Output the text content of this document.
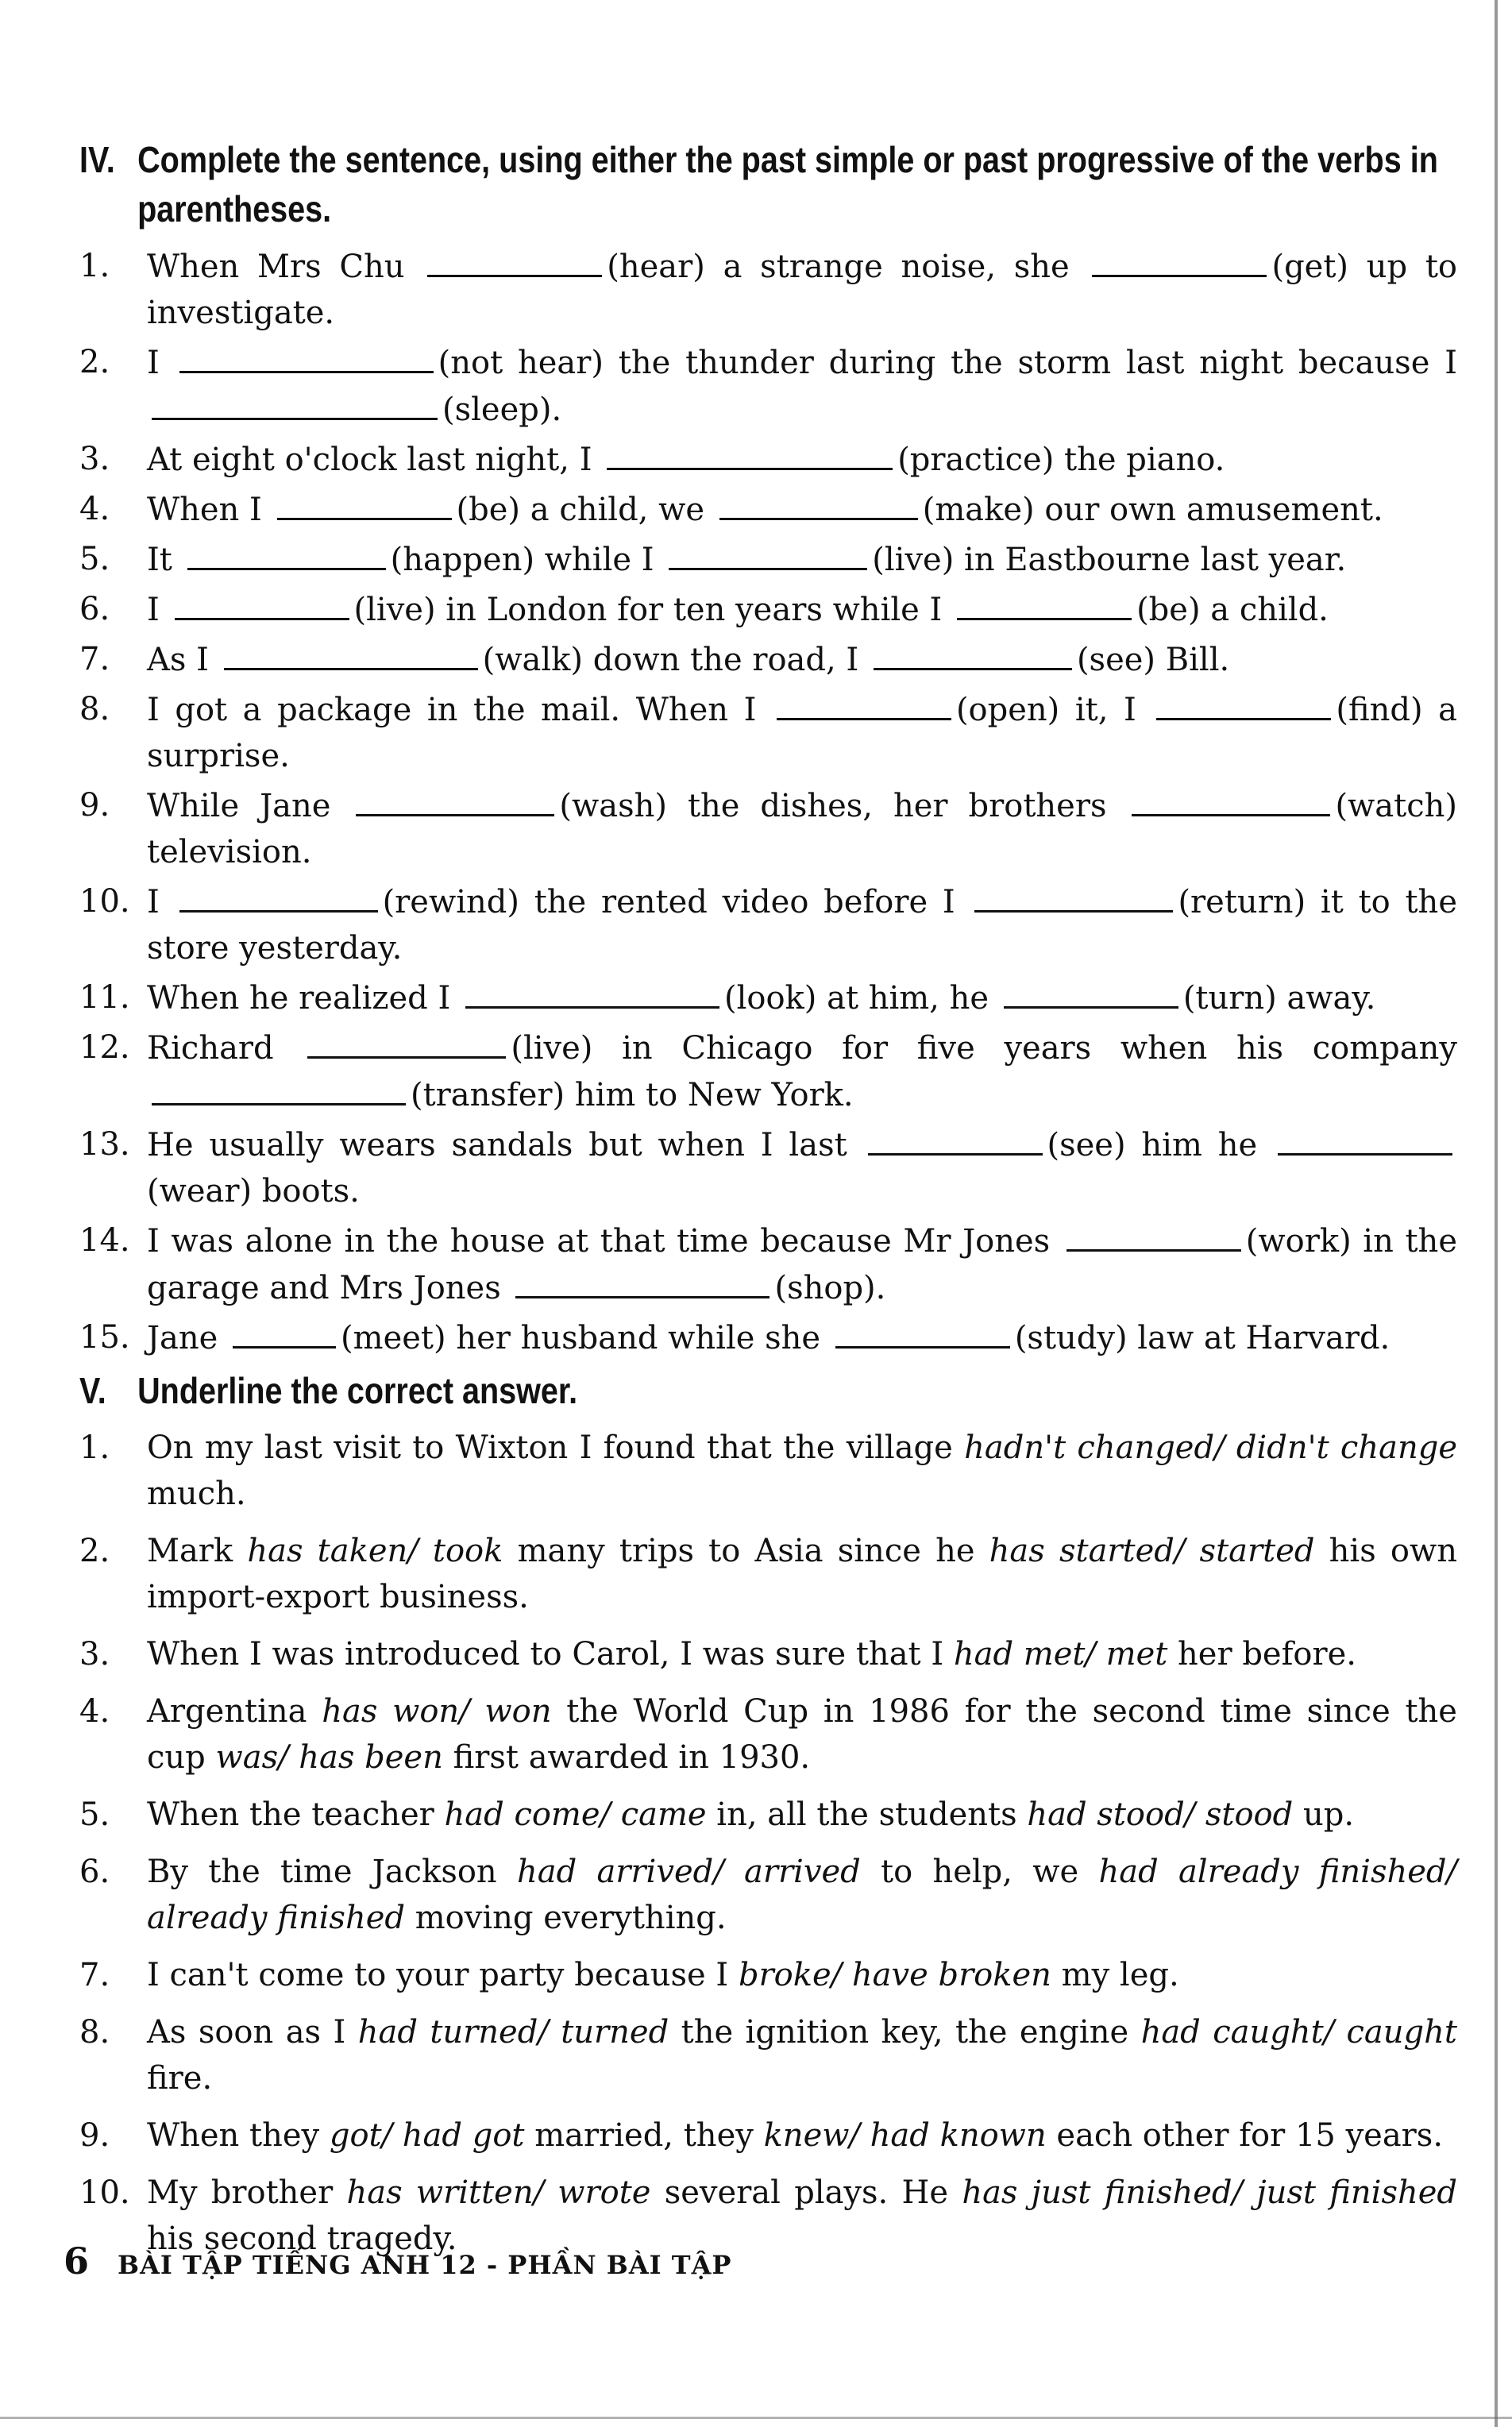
IV. Complete the sentence, using either the past simple or past progressive of the verbs in parentheses.
1.	When Mrs Chu	(hear) a strange noise, she	(get) up to investigate.
2.	I	(not hear) the thunder during the storm last night because I (sleep).
3.	At eight o'clock last night, I	(practice) the piano.
4.	When I	(be) a child, we	(make) our own amusement.
5.	It	(happen) while I	(live) in Eastbourne last year.
6.	I	(live) in London for ten years while I	(be) a child.
7.	As I	(walk) down the road, I	(see) Bill.
8.	I got a package in the mail. When I	(open) it, I	(find) a surprise.
9.	While Jane	(wash) the dishes, her brothers	(watch) television.
10. I	(rewind) the rented video before I	(return) it to the store yesterday.
11. When he realized I	(look) at him, he	(turn) away.
12. Richard	(live) in Chicago for five years when his company (transfer) him to New York.
13. He usually wears sandals but when I last	(see) him he (wear) boots.
14. I was alone in the house at that time because Mr Jones	(work) in the garage and Mrs Jones	(shop).
15. Jane	(meet) her husband while she	(study) law at Harvard.
V. Underline the correct answer.
1.	On my last visit to Wixton I found that the village hadn't changed/ didn't change much.
2.	Mark has taken/ took many trips to Asia since he has started/ started his own import-export business.
3.	When I was introduced to Carol, I was sure that I had met/ met her before.
4.	Argentina has won/ won the World Cup in 1986 for the second time since the cup was/ has been first awarded in 1930.
5.	When the teacher had come/ came in, all the students had stood/ stood up.
6.	By the time Jackson had arrived/ arrived to help, we had already finished/ already finished moving everything.
7.	I can't come to your party because I broke/ have broken my leg.
8.	As soon as I had turned/ turned the ignition key, the engine had caught/ caught fire.
9.	When they got/ had got married, they knew/ had known each other for 15 years.
10. My brother has written/ wrote several plays. He has just finished/ just finished his second tragedy.
6 BÀI TẬP TIẾNG ANH 12 - PHẦN BÀI TẬP
